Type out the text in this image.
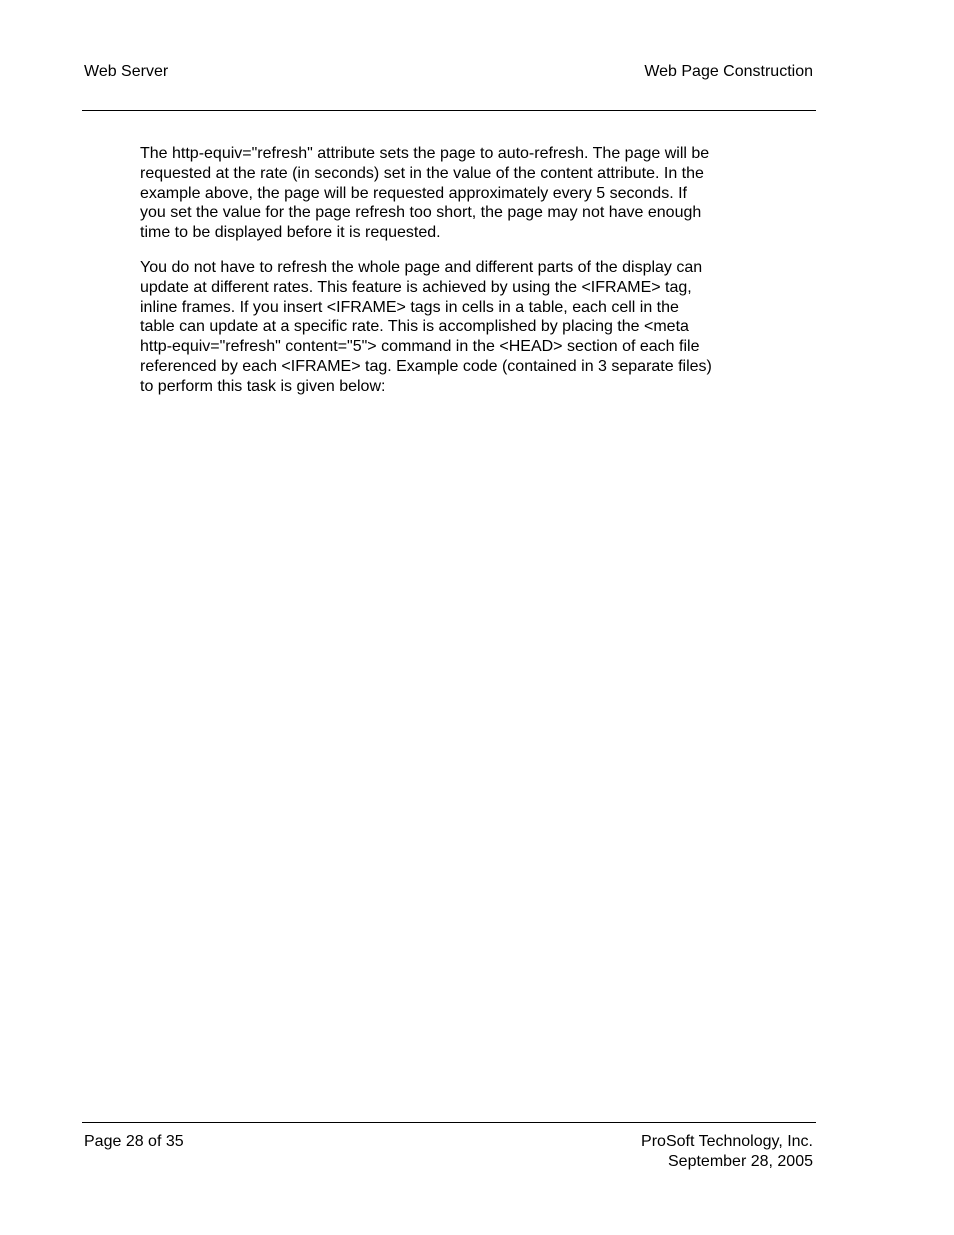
Web Server	Web Page Construction

The http-equiv="refresh" attribute sets the page to auto-refresh. The page will be
requested at the rate (in seconds) set in the value of the content attribute. In the
example above, the page will be requested approximately every 5 seconds. If
you set the value for the page refresh too short, the page may not have enough
time to be displayed before it is requested.

You do not have to refresh the whole page and different parts of the display can
update at different rates. This feature is achieved by using the <IFRAME> tag,
inline frames. If you insert <IFRAME> tags in cells in a table, each cell in the
table can update at a specific rate. This is accomplished by placing the <meta
http-equiv="refresh" content="5"> command in the <HEAD> section of each file
referenced by each <IFRAME> tag. Example code (contained in 3 separate files)
to perform this task is given below:

Page 28 of 35	ProSoft Technology, Inc.
September 28, 2005
